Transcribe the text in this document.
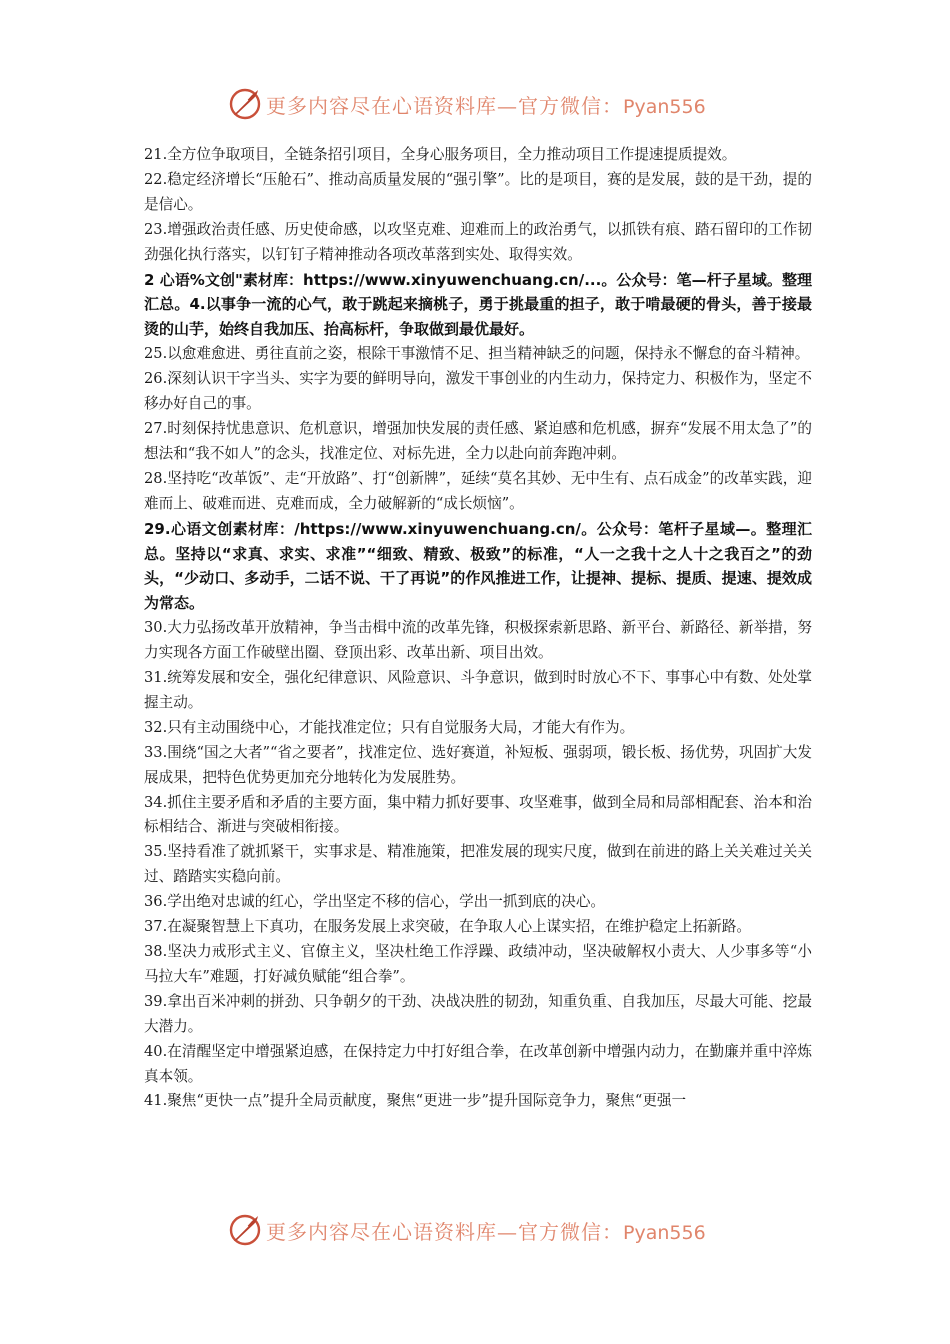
更多内容尽在心语资料库—官方微信：Pyan556

21.全方位争取项目，全链条招引项目，全身心服务项目，全力推动项目工作提速提质提效。

22.稳定经济增长“压舱石”、推动高质量发展的“强引擎”。比的是项目，赛的是发展，鼓的是干劲，提的是信心。

23.增强政治责任感、历史使命感，以攻坚克难、迎难而上的政治勇气，以抓铁有痕、踏石留印的工作韧劲强化执行落实，以钉钉子精神推动各项改革落到实处、取得实效。

2 心语%文创"素材库：https://www.xinyuwenchuang.cn/...。公众号：笔—杆子星域。整理汇总。4.以事争一流的心气，敢于跳起来摘桃子，勇于挑最重的担子，敢于啃最硬的骨头，善于接最烫的山芋，始终自我加压、抬高标杆，争取做到最优最好。

25.以愈难愈进、勇往直前之姿，根除干事激情不足、担当精神缺乏的问题，保持永不懈怠的奋斗精神。

26.深刻认识干字当头、实字为要的鲜明导向，激发干事创业的内生动力，保持定力、积极作为，坚定不移办好自己的事。

27.时刻保持忧患意识、危机意识，增强加快发展的责任感、紧迫感和危机感，摒弃“发展不用太急了”的想法和“我不如人”的念头，找准定位、对标先进，全力以赴向前奔跑冲刺。

28.坚持吃“改革饭”、走“开放路”、打“创新牌”，延续“莫名其妙、无中生有、点石成金”的改革实践，迎难而上、破难而进、克难而成，全力破解新的“成长烦恼”。

29.心语文创素材库：/https://www.xinyuwenchuang.cn/。公众号：笔杆子星域—。整理汇总。坚持以“求真、求实、求准”“细致、精致、极致”的标准，“人一之我十之人十之我百之”的劲头，“少动口、多动手，二话不说、干了再说”的作风推进工作，让提神、提标、提质、提速、提效成为常态。

30.大力弘扬改革开放精神，争当击楫中流的改革先锋，积极探索新思路、新平台、新路径、新举措，努力实现各方面工作破壁出圈、登顶出彩、改革出新、项目出效。

31.统筹发展和安全，强化纪律意识、风险意识、斗争意识，做到时时放心不下、事事心中有数、处处掌握主动。

32.只有主动围绕中心，才能找准定位；只有自觉服务大局，才能大有作为。

33.围绕“国之大者”“省之要者”，找准定位、选好赛道，补短板、强弱项，锻长板、扬优势，巩固扩大发展成果，把特色优势更加充分地转化为发展胜势。

34.抓住主要矛盾和矛盾的主要方面，集中精力抓好要事、攻坚难事，做到全局和局部相配套、治本和治标相结合、渐进与突破相衔接。

35.坚持看准了就抓紧干，实事求是、精准施策，把准发展的现实尺度，做到在前进的路上关关难过关关过、踏踏实实稳向前。

36.学出绝对忠诚的红心，学出坚定不移的信心，学出一抓到底的决心。

37.在凝聚智慧上下真功，在服务发展上求突破，在争取人心上谋实招，在维护稳定上拓新路。

38.坚决力戒形式主义、官僚主义，坚决杜绝工作浮躁、政绩冲动，坚决破解权小责大、人少事多等“小马拉大车”难题，打好减负赋能“组合拳”。

39.拿出百米冲刺的拼劲、只争朝夕的干劲、决战决胜的韧劲，知重负重、自我加压，尽最大可能、挖最大潜力。

40.在清醒坚定中增强紧迫感，在保持定力中打好组合拳，在改革创新中增强内动力，在勤廉并重中淬炼真本领。

41.聚焦“更快一点”提升全局贡献度，聚焦“更进一步”提升国际竞争力，聚焦“更强一

更多内容尽在心语资料库—官方微信：Pyan556
